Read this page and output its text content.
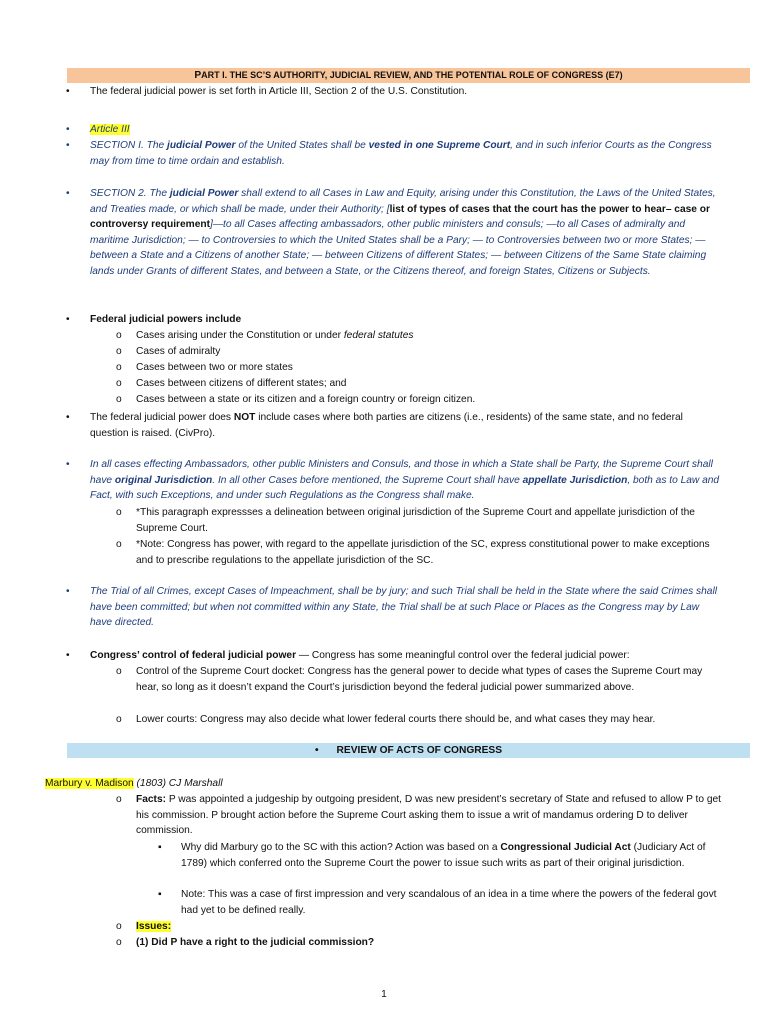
PART I. THE SC’S AUTHORITY, JUDICIAL REVIEW, AND THE POTENTIAL ROLE OF CONGRESS (E7)
•	The federal judicial power is set forth in Article III, Section 2 of the U.S. Constitution.
•	Article III
•	SECTION I. The judicial Power of the United States shall be vested in one Supreme Court, and in such inferior Courts as the Congress may from time to time ordain and establish.
•	SECTION 2. The judicial Power shall extend to all Cases in Law and Equity, arising under this Constitution, the Laws of the United States, and Treaties made, or which shall be made, under their Authority; [list of types of cases that the court has the power to hear– case or controversy requirement]—to all Cases affecting ambassadors, other public ministers and consuls; —to all Cases of admiralty and maritime Jurisdiction; — to Controversies to which the United States shall be a Pary; — to Controversies between two or more States; — between a State and a Citizens of another State; — between Citizens of different States; — between Citizens of the Same State claiming lands under Grants of different States, and between a State, or the Citizens thereof, and foreign States, Citizens or Subjects.
•	Federal judicial powers include
o	Cases arising under the Constitution or under federal statutes
o	Cases of admiralty
o	Cases between two or more states
o	Cases between citizens of different states; and
o	Cases between a state or its citizen and a foreign country or foreign citizen.
•	The federal judicial power does NOT include cases where both parties are citizens (i.e., residents) of the same state, and no federal question is raised. (CivPro).
•	In all cases effecting Ambassadors, other public Ministers and Consuls, and those in which a State shall be Party, the Supreme Court shall have original Jurisdiction. In all other Cases before mentioned, the Supreme Court shall have appellate Jurisdiction, both as to Law and Fact, with such Exceptions, and under such Regulations as the Congress shall make.
o	*This paragraph expressses a delineation between original jurisdiction of the Supreme Court and appellate jurisdiction of the Supreme Court.
o	*Note: Congress has power, with regard to the appellate jurisdiction of the SC, express constitutional power to make exceptions and to prescribe regulations to the appellate jurisdiction of the SC.
•	The Trial of all Crimes, except Cases of Impeachment, shall be by jury; and such Trial shall be held in the State where the said Crimes shall have been committed; but when not committed within any State, the Trial shall be at such Place or Places as the Congress may by Law have directed.
•	Congress’ control of federal judicial power — Congress has some meaningful control over the federal judicial power:
o	Control of the Supreme Court docket: Congress has the general power to decide what types of cases the Supreme Court may hear, so long as it doesn’t expand the Court’s jurisdiction beyond the federal judicial power summarized above.
o	Lower courts: Congress may also decide what lower federal courts there should be, and what cases they may hear.
• REVIEW OF ACTS OF CONGRESS
Marbury v. Madison (1803) CJ Marshall
o	Facts: P was appointed a judgeship by outgoing president, D was new president’s secretary of State and refused to allow P to get his commission. P brought action before the Supreme Court asking them to issue a writ of mandamus ordering D to deliver commission.
▪	Why did Marbury go to the SC with this action? Action was based on a Congressional Judicial Act (Judiciary Act of 1789) which conferred onto the Supreme Court the power to issue such writs as part of their original jurisdiction.
▪	Note: This was a case of first impression and very scandalous of an idea in a time where the powers of the federal govt had yet to be defined really.
o	Issues:
o	(1) Did P have a right to the judicial commission?
1
